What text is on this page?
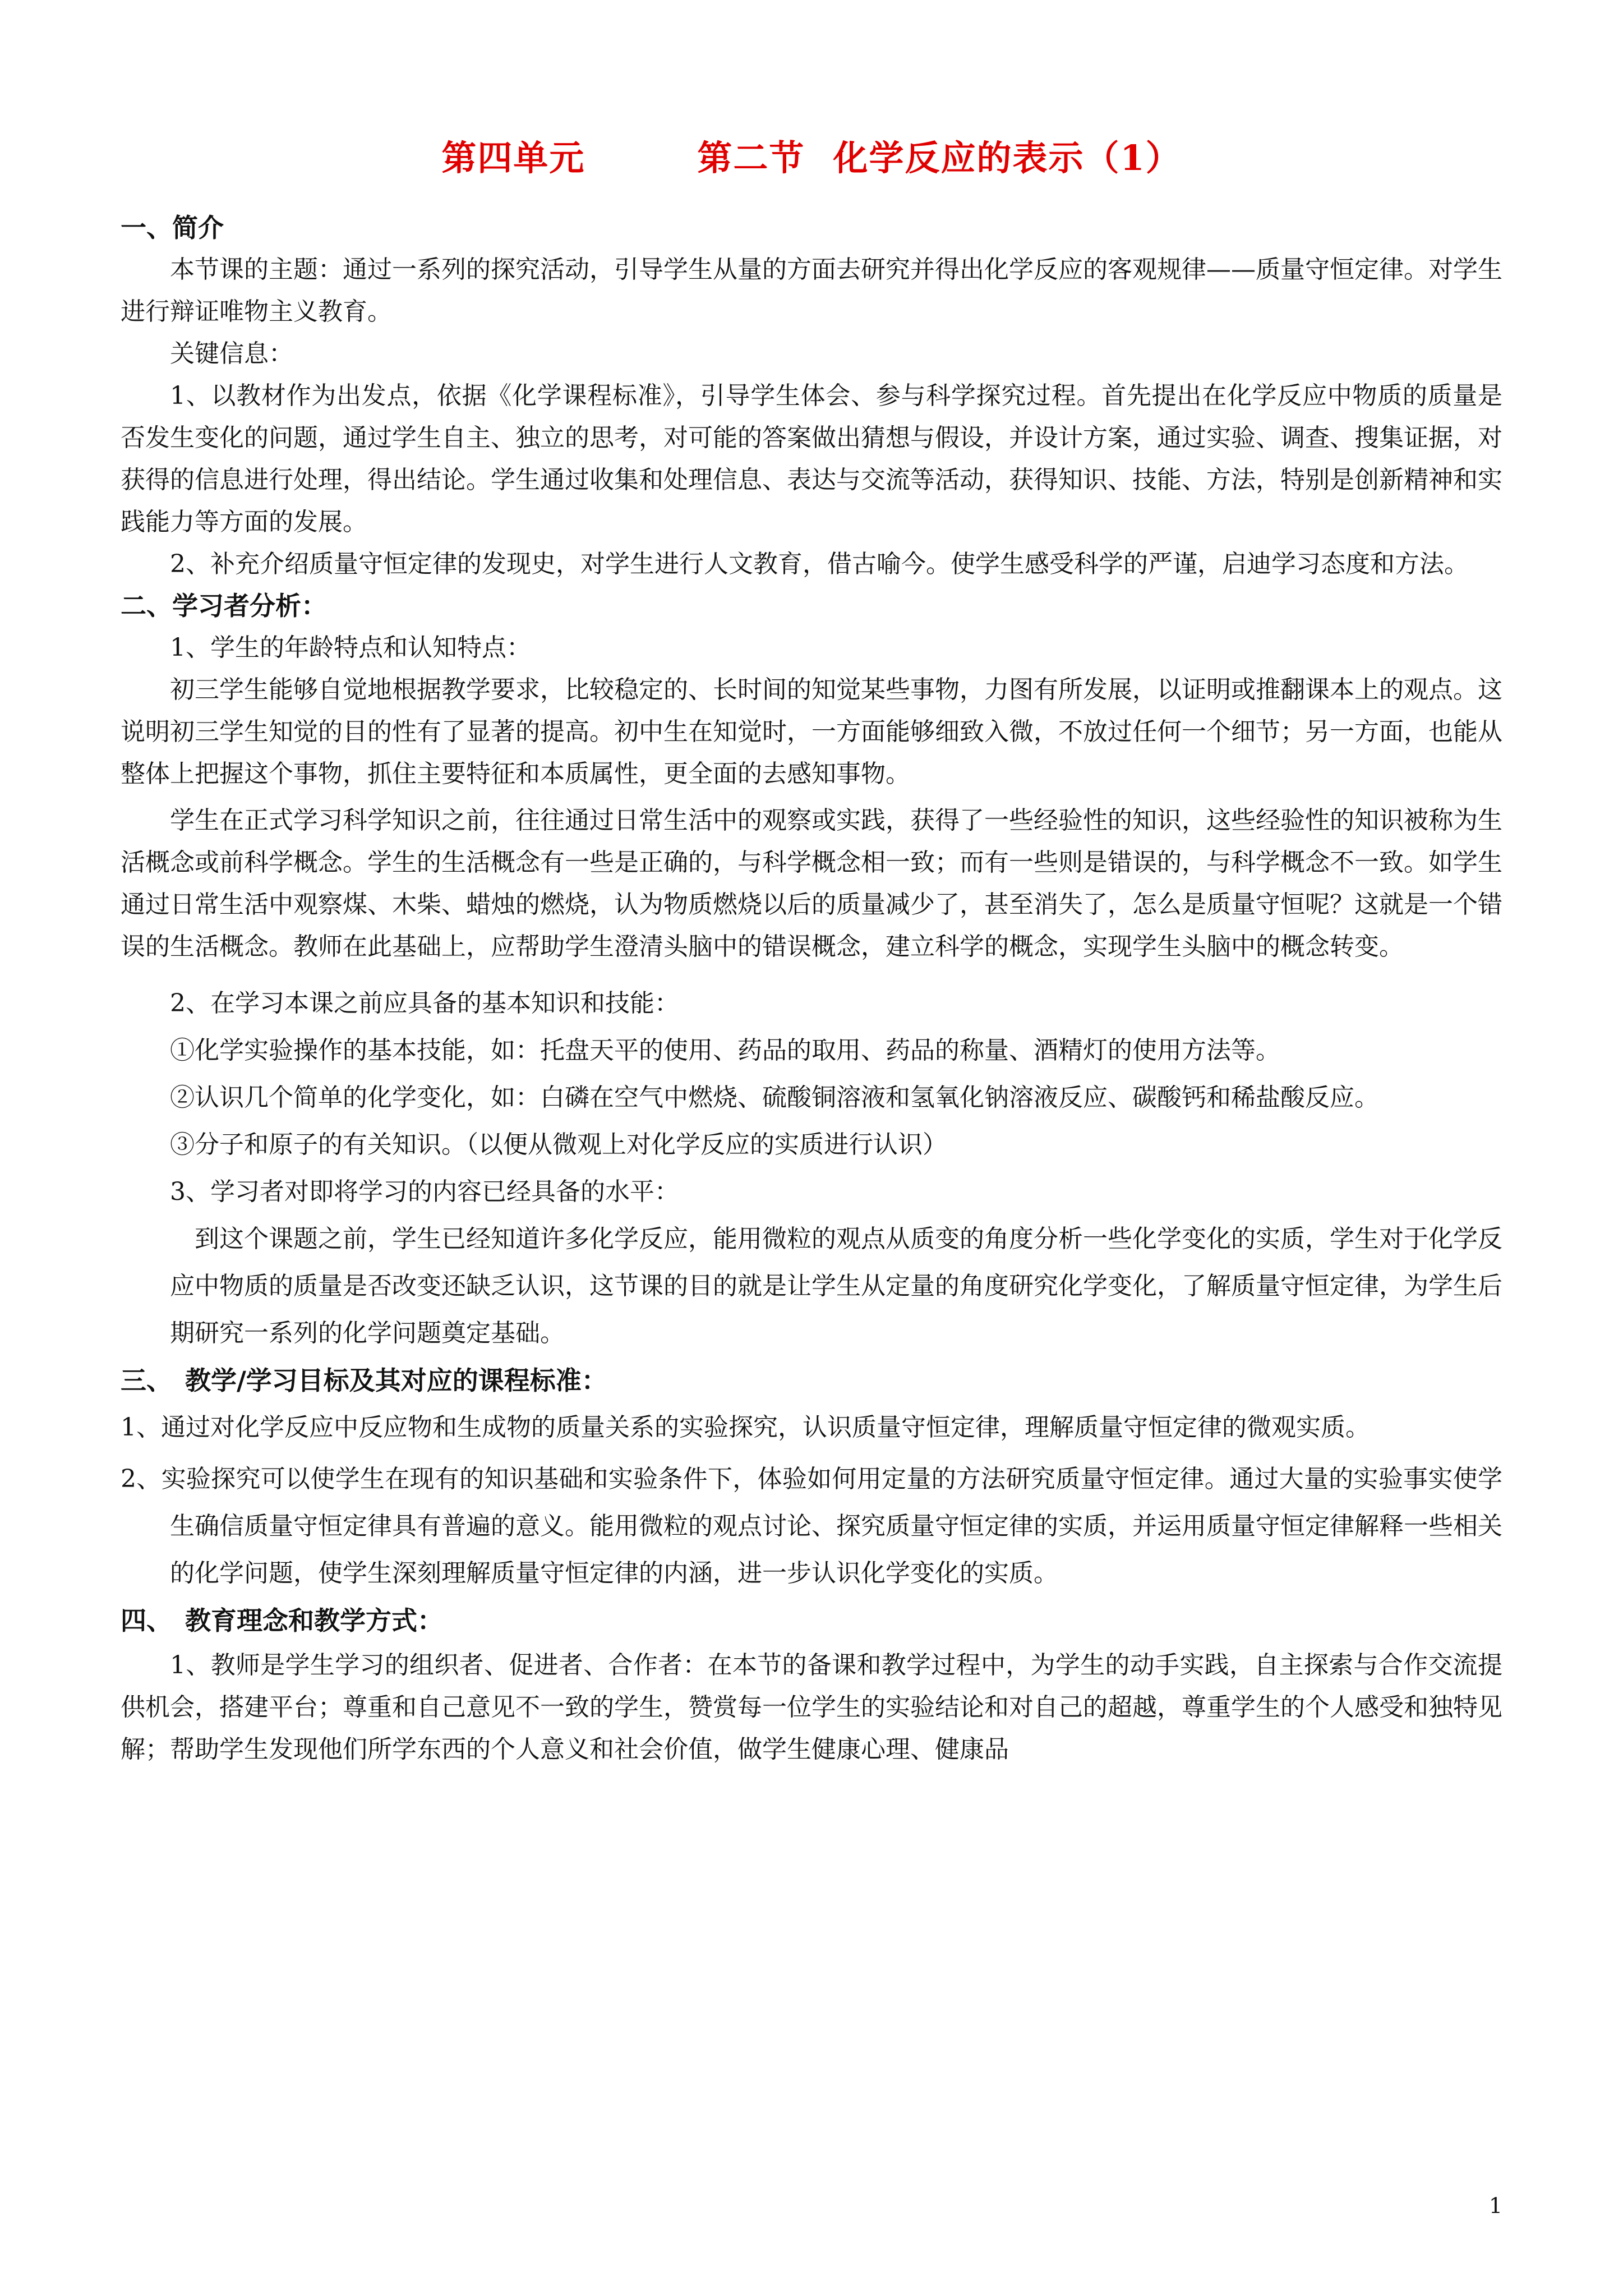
第四单元	第二节 化学反应的表示（1）
一、简介

本节课的主题：通过一系列的探究活动，引导学生从量的方面去研究并得出化学反应的客观规律——质量守恒定律。对学生进行辩证唯物主义教育。

关键信息：

1、以教材作为出发点，依据《化学课程标准》，引导学生体会、参与科学探究过程。首先提出在化学反应中物质的质量是否发生变化的问题，通过学生自主、独立的思考，对可能的答案做出猜想与假设，并设计方案，通过实验、调查、搜集证据，对获得的信息进行处理，得出结论。学生通过收集和处理信息、表达与交流等活动，获得知识、技能、方法，特别是创新精神和实践能力等方面的发展。

2、补充介绍质量守恒定律的发现史，对学生进行人文教育，借古喻今。使学生感受科学的严谨，启迪学习态度和方法。

二、学习者分析：

1、学生的年龄特点和认知特点：

初三学生能够自觉地根据教学要求，比较稳定的、长时间的知觉某些事物，力图有所发展，以证明或推翻课本上的观点。这说明初三学生知觉的目的性有了显著的提高。初中生在知觉时，一方面能够细致入微，不放过任何一个细节；另一方面，也能从整体上把握这个事物，抓住主要特征和本质属性，更全面的去感知事物。

学生在正式学习科学知识之前，往往通过日常生活中的观察或实践，获得了一些经验性的知识，这些经验性的知识被称为生活概念或前科学概念。学生的生活概念有一些是正确的，与科学概念相一致；而有一些则是错误的，与科学概念不一致。如学生通过日常生活中观察煤、木柴、蜡烛的燃烧，认为物质燃烧以后的质量减少了，甚至消失了，怎么是质量守恒呢？这就是一个错误的生活概念。教师在此基础上，应帮助学生澄清头脑中的错误概念，建立科学的概念，实现学生头脑中的概念转变。

2、在学习本课之前应具备的基本知识和技能：

①化学实验操作的基本技能，如：托盘天平的使用、药品的取用、药品的称量、酒精灯的使用方法等。

②认识几个简单的化学变化，如：白磷在空气中燃烧、硫酸铜溶液和氢氧化钠溶液反应、碳酸钙和稀盐酸反应。

③分子和原子的有关知识。（以便从微观上对化学反应的实质进行认识）

3、学习者对即将学习的内容已经具备的水平：

到这个课题之前，学生已经知道许多化学反应，能用微粒的观点从质变的角度分析一些化学变化的实质，学生对于化学反应中物质的质量是否改变还缺乏认识，这节课的目的就是让学生从定量的角度研究化学变化，了解质量守恒定律，为学生后期研究一系列的化学问题奠定基础。

三、　教学/学习目标及其对应的课程标准：

1、通过对化学反应中反应物和生成物的质量关系的实验探究，认识质量守恒定律，理解质量守恒定律的微观实质。

2、实验探究可以使学生在现有的知识基础和实验条件下，体验如何用定量的方法研究质量守恒定律。通过大量的实验事实使学生确信质量守恒定律具有普遍的意义。能用微粒的观点讨论、探究质量守恒定律的实质，并运用质量守恒定律解释一些相关的化学问题，使学生深刻理解质量守恒定律的内涵，进一步认识化学变化的实质。

四、　教育理念和教学方式：

1、教师是学生学习的组织者、促进者、合作者：在本节的备课和教学过程中，为学生的动手实践，自主探索与合作交流提供机会，搭建平台；尊重和自己意见不一致的学生，赞赏每一位学生的实验结论和对自己的超越，尊重学生的个人感受和独特见解；帮助学生发现他们所学东西的个人意义和社会价值，做学生健康心理、健康品

1
